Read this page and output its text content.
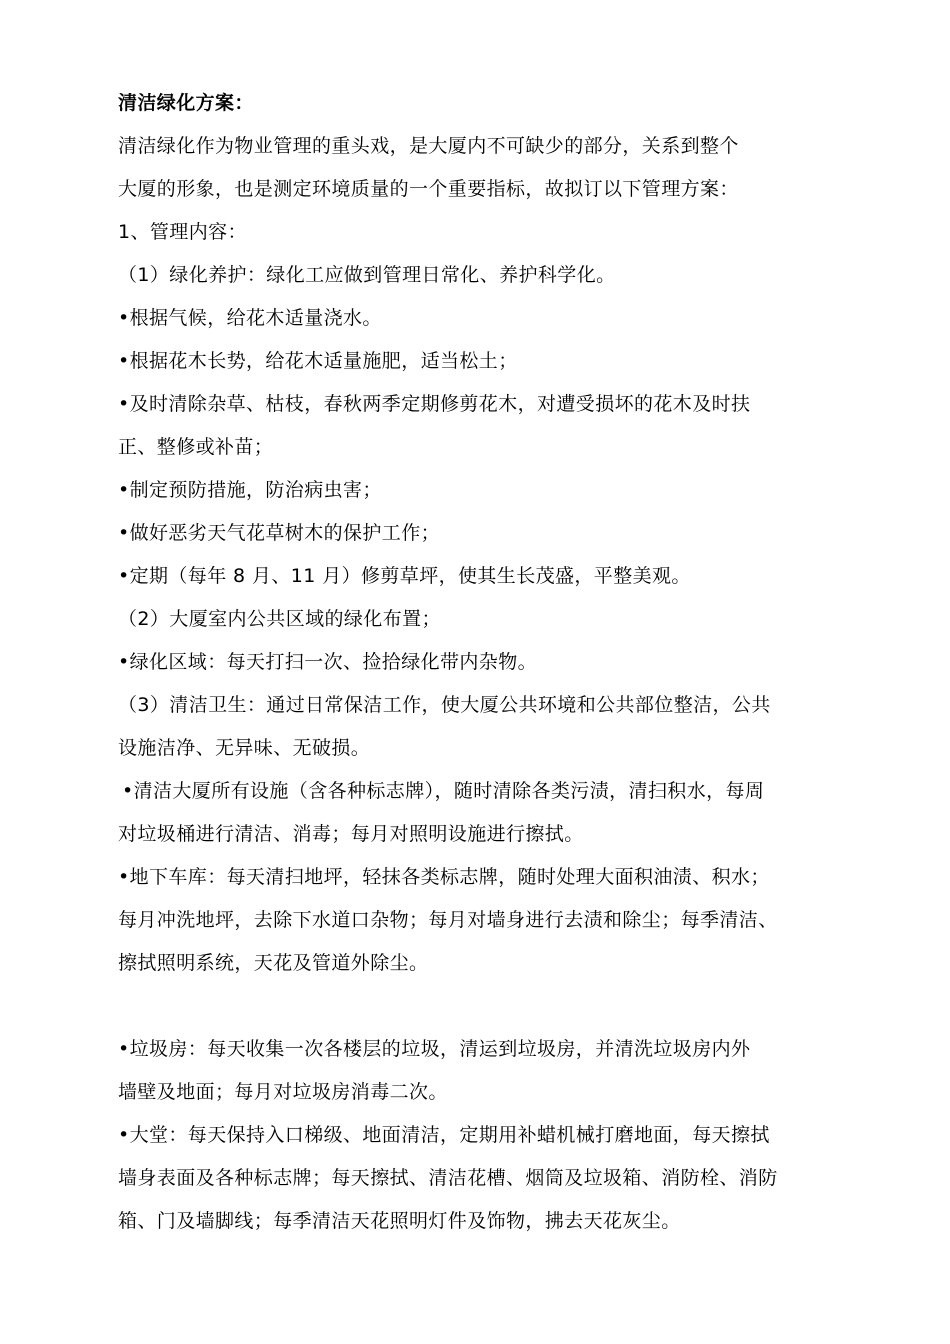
清洁绿化方案：
清洁绿化作为物业管理的重头戏，是大厦内不可缺少的部分，关系到整个
大厦的形象，也是测定环境质量的一个重要指标，故拟订以下管理方案：
1、管理内容：
（1）绿化养护：绿化工应做到管理日常化、养护科学化。
•根据气候，给花木适量浇水。
•根据花木长势，给花木适量施肥，适当松土；
•及时清除杂草、枯枝，春秋两季定期修剪花木，对遭受损坏的花木及时扶
正、整修或补苗；
•制定预防措施，防治病虫害；
•做好恶劣天气花草树木的保护工作；
•定期（每年 8 月、11 月）修剪草坪，使其生长茂盛，平整美观。
（2）大厦室内公共区域的绿化布置；
•绿化区域：每天打扫一次、捡拾绿化带内杂物。
（3）清洁卫生：通过日常保洁工作，使大厦公共环境和公共部位整洁，公共
设施洁净、无异味、无破损。
•清洁大厦所有设施（含各种标志牌），随时清除各类污渍，清扫积水，每周
对垃圾桶进行清洁、消毒；每月对照明设施进行擦拭。
•地下车库：每天清扫地坪，轻抹各类标志牌，随时处理大面积油渍、积水；
每月冲洗地坪，去除下水道口杂物；每月对墙身进行去渍和除尘；每季清洁、
擦拭照明系统，天花及管道外除尘。
•垃圾房：每天收集一次各楼层的垃圾，清运到垃圾房，并清洗垃圾房内外
墙壁及地面；每月对垃圾房消毒二次。
•大堂：每天保持入口梯级、地面清洁，定期用补蜡机械打磨地面，每天擦拭
墙身表面及各种标志牌；每天擦拭、清洁花槽、烟筒及垃圾箱、消防栓、消防
箱、门及墙脚线；每季清洁天花照明灯件及饰物，拂去天花灰尘。
